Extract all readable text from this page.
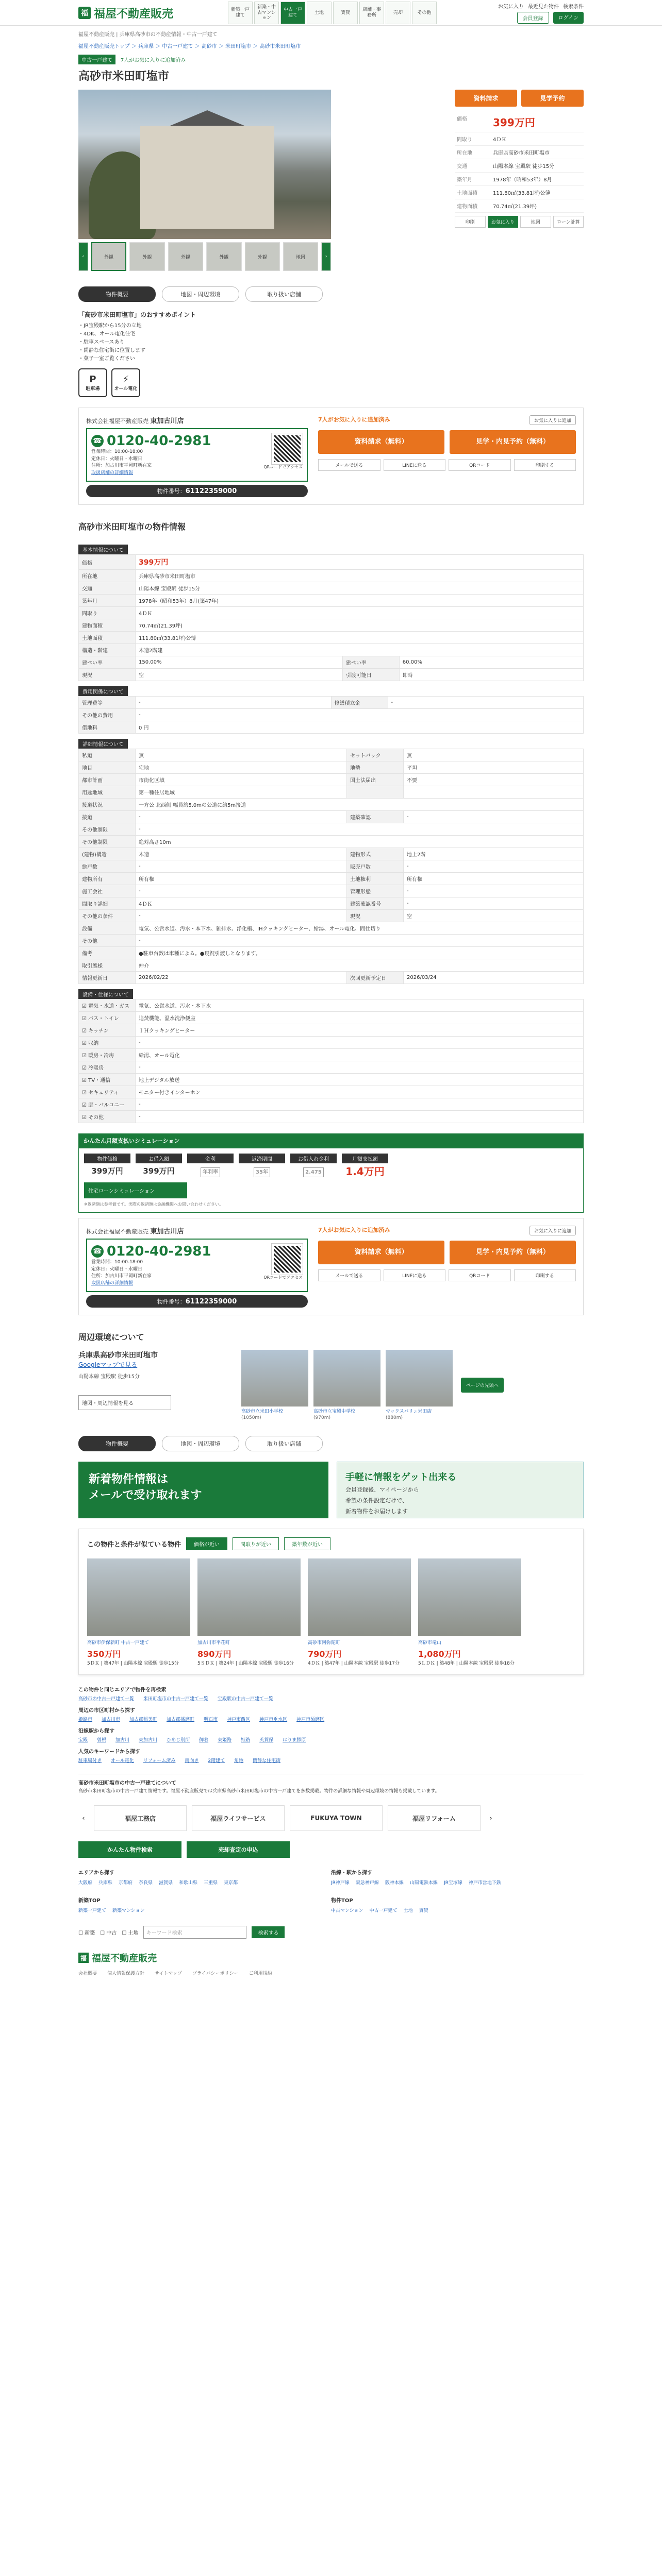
福 福屋不動産販売	新築一戸建て
新築・中古マンション
中古一戸建て
土地	賃貸
店舗・事務所
売却	その他
お気に入り 最近見た物件 検索条件
会員登録	ログイン
福屋不動産販売 | 兵庫県高砂市の不動産情報・中古一戸建て
福屋不動産販売トップ ＞ 兵庫県 ＞ 中古一戸建て ＞ 高砂市 ＞ 米田町塩市 ＞ 高砂市米田町塩市
中古一戸建て 7人がお気に入りに追加済み
高砂市米田町塩市
‹	外観	外観	外観	外観	外観	地図	›
資料請求	見学予約
価格	399万円
間取り	4ＤＫ
所在地	兵庫県高砂市米田町塩市
交通	山陽本線 宝殿駅 徒歩15分
築年月	1978年（昭和53年）8月
土地面積	111.80㎡(33.81坪)公簿
建物面積	70.74㎡(21.39坪)
印刷	お気に入り	地図	ローン計算
物件概要	地図・周辺環境	取り扱い店舗
「高砂市米田町塩市」のおすすめポイント
・JR宝殿駅から15分の立地
・4DK、オール電化住宅
・駐車スペースあり
・閑静な住宅街に位置します
・菓子一室ご覧ください
P
駐車場
⚡
オール電化
株式会社福屋不動産販売 東加古川店
☎ 0120-40-2981
営業時間：10:00-18:00
定休日：火曜日・水曜日
住所：加古川市平岡町新在家
取扱店舗の詳細情報
QRコードでアクセス
物件番号：61122359000
7人がお気に入りに追加済み	お気に入りに追加
資料請求（無料）	見学・内見予約（無料）
メールで送る	LINEに送る	QRコード	印刷する
高砂市米田町塩市の物件情報
基本情報について
価格	399万円		
所在地	兵庫県高砂市米田町塩市		
交通	山陽本線 宝殿駅 徒歩15分		
築年月	1978年（昭和53年）8月(築47年)		
間取り	4ＤＫ		
建物面積	70.74㎡(21.39坪)		
土地面積	111.80㎡(33.81坪)公簿		
構造・階建	木造2階建		
建ぺい率	150.00%	建ぺい率	60.00%
現況	空	引渡可能日	即時
費用関係について
管理費等	-	修繕積立金	-
その他の費用	-		
借地料	0 円		
詳細情報について
私道	無	セットバック	無
地目	宅地	地勢	平坦
都市計画	市街化区域	国土法届出	不要
用途地域	第一種住居地域		
接道状況	一方公 北西側 幅員約5.0mの公道に約5m接道		
接道	-	建築確認	-
その他制限	-		
その他制限	絶対高さ10m		
(建物)構造	木造	建物形式	地上2階
総戸数	-	販売戸数	-
建物所有	所有権	土地権利	所有権
施工会社	-	管理形態	-
間取り詳細	4ＤＫ	建築確認番号	-
その他の条件	-	現況	空
設備	電気、公営水道、汚水・本下水、雑排水、浄化槽、IHクッキングヒーター、給湯、オール電化、間仕切り		
その他	-		
備考	●駐車台数は車種による。●現況引渡しとなります。		
取引態様	仲介		
情報更新日	2026/02/22	次回更新予定日	2026/03/24
設備・仕様について
☑ 電気・水道・ガス	電気、公営水道、汚水・本下水
☑ バス・トイレ	追焚機能、温水洗浄便座
☑ キッチン	ＩＨクッキングヒーター
☑ 収納	-
☑ 暖房・冷房	給湯、オール電化
☑ 冷暖房	-
☑ TV・通信	地上デジタル放送
☑ セキュリティ	モニター付きインターホン
☑ 庭・バルコニー	-
☑ その他	-
かんたん月額支払いシミュレーション
物件価格	お借入額	金利	返済期間	お借入れ金利	月額支払額
399万円	399万円	年利率	35年	2.475	1.4万円
住宅ローンシミュレーション
※返済額は参考値です。実際の返済額は金融機関へお問い合わせください。
株式会社福屋不動産販売 東加古川店
☎ 0120-40-2981
営業時間：10:00-18:00
定休日：火曜日・水曜日
住所：加古川市平岡町新在家
取扱店舗の詳細情報
QRコードでアクセス
物件番号：61122359000
7人がお気に入りに追加済み	お気に入りに追加
資料請求（無料）	見学・内見予約（無料）
メールで送る	LINEに送る	QRコード	印刷する
周辺環境について
兵庫県高砂市米田町塩市
Googleマップで見る
山陽本線 宝殿駅 徒歩15分
地図・周辺情報を見る
高砂市立米田小学校
(1050m)
高砂市立宝殿中学校
(970m)
マックスバリュ米田店
(880m)
ページの先頭へ
物件概要	地図・周辺環境	取り扱い店舗
新着物件情報は
メールで受け取れます
手軽に情報をゲット出来る
会員登録後、マイページから
希望の条件設定だけで、
新着物件をお届けします
この物件と条件が似ている物件	価格が近い	間取りが近い	築年数が近い
高砂市伊保新町 中古一戸建て
350万円
5ＤＫ | 築47年 | 山陽本線 宝殿駅 徒歩15分
加古川市平荘町
890万円
5ＳＤＫ | 築24年 | 山陽本線 宝殿駅 徒歩16分
高砂市阿弥陀町
790万円
4ＤＫ | 築47年 | 山陽本線 宝殿駅 徒歩17分
高砂市竜山
1,080万円
5ＬＤＫ | 築48年 | 山陽本線 宝殿駅 徒歩18分
この物件と同じエリアで物件を再検索
高砂市の中古一戸建て一覧 米田町塩市の中古一戸建て一覧 宝殿駅の中古一戸建て一覧
周辺の市区町村から探す
姫路市 加古川市 加古郡稲美町 加古郡播磨町 明石市 神戸市西区 神戸市垂水区 神戸市須磨区
沿線駅から探す
宝殿 曽根 加古川 東加古川 ひめじ別所 御着 東姫路 姫路 英賀保 はりま勝原
人気のキーワードから探す
駐車場付き オール電化 リフォーム済み 南向き 2階建て 角地 閑静な住宅街
高砂市米田町塩市の中古一戸建てについて

高砂市米田町塩市の中古一戸建て情報です。福屋不動産販売では兵庫県高砂市米田町塩市の中古一戸建てを多数掲載。物件の詳細な情報や周辺環境の情報も掲載しています。

‹	福屋工務店	福屋ライフサービス	FUKUYA TOWN	福屋リフォーム	›
かんたん物件検索	売却査定の申込
エリアから探す
大阪府 兵庫県 京都府 奈良県 滋賀県 和歌山県 三重県 東京都
沿線・駅から探す
JR神戸線 阪急神戸線 阪神本線 山陽電鉄本線 JR宝塚線 神戸市営地下鉄
新築TOP
新築一戸建て 新築マンション
物件TOP
中古マンション 中古一戸建て 土地 賃貸
☐ 新築 ☐ 中古 ☐ 土地	キーワード検索	検索する
福 福屋不動産販売
会社概要 個人情報保護方針 サイトマップ プライバシーポリシー ご利用規約
